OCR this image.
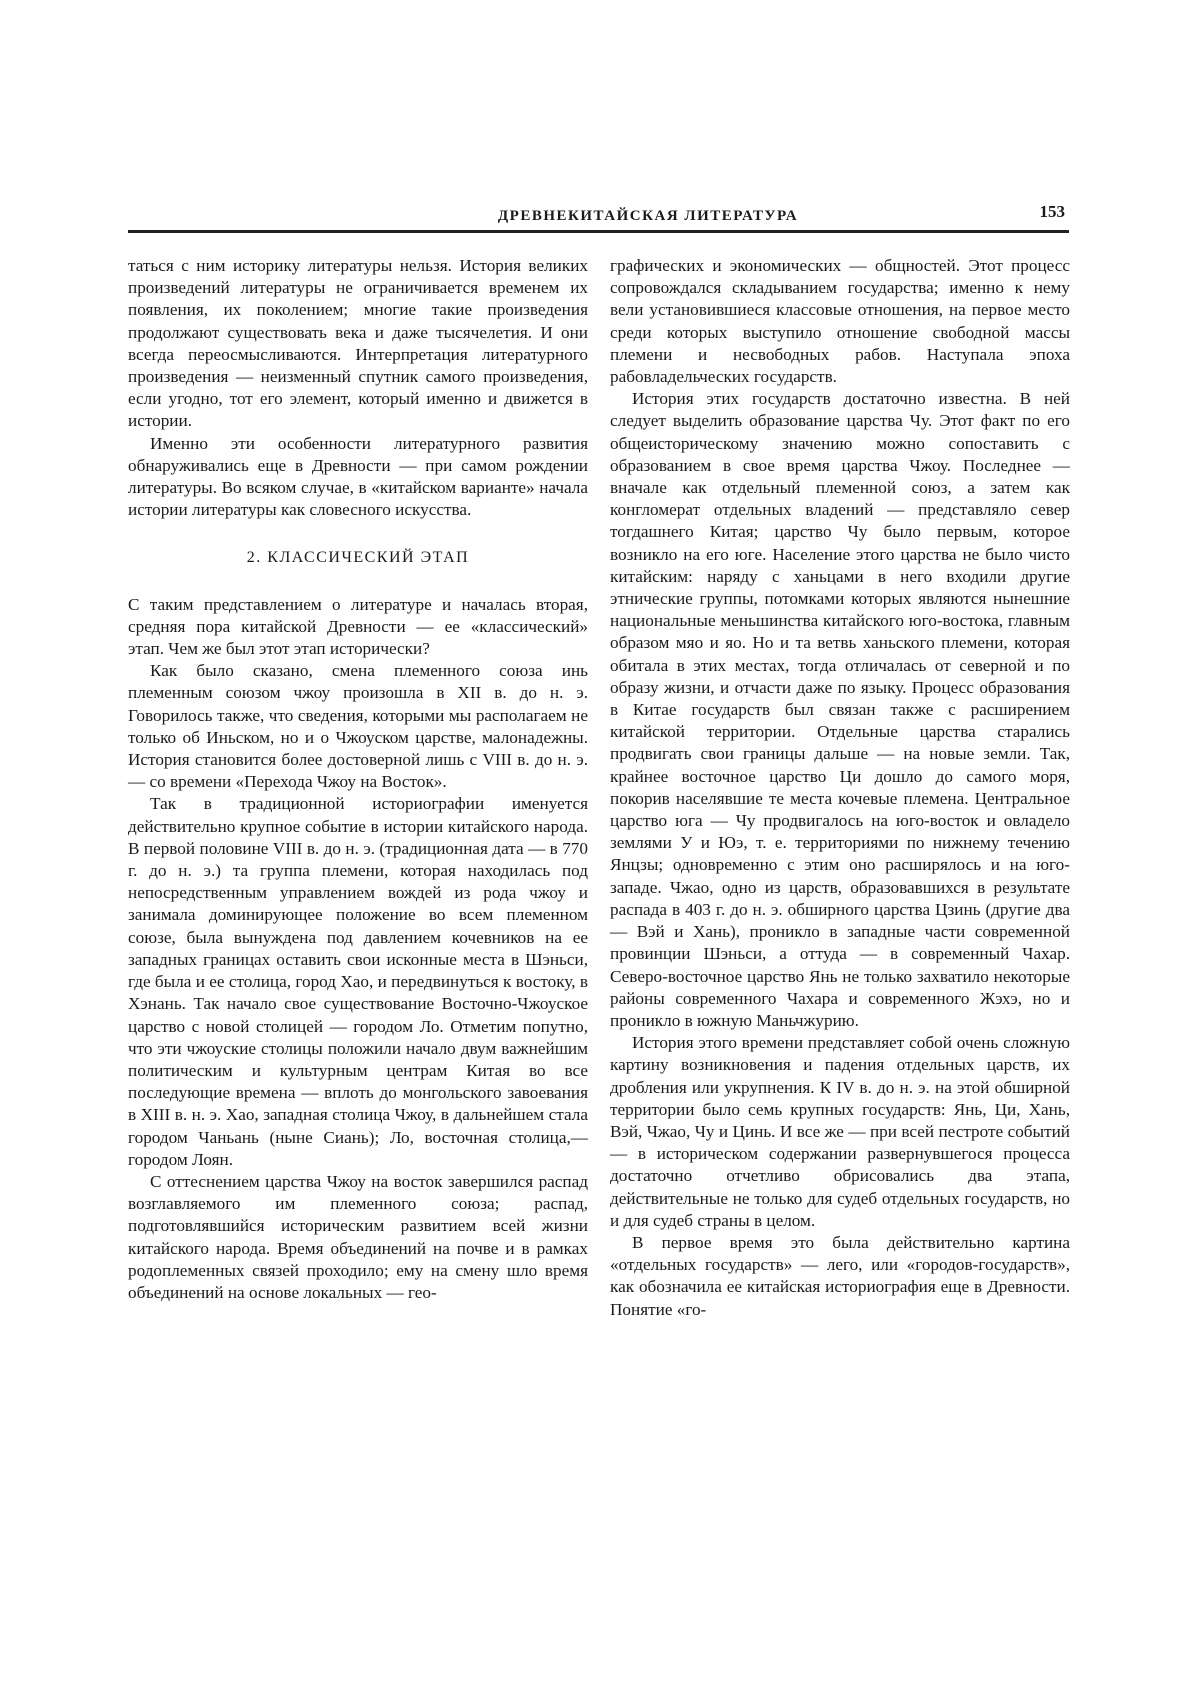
ДРЕВНЕКИТАЙСКАЯ ЛИТЕРАТУРА	153

таться с ним историку литературы нельзя. История великих произведений литературы не ограничивается временем их появления, их поколением; многие такие произведения продолжают существовать века и даже тысячелетия. И они всегда переосмысливаются. Интерпретация литературного произведения — неизменный спутник самого произведения, если угодно, тот его элемент, который именно и движется в истории.

Именно эти особенности литературного развития обнаруживались еще в Древности — при самом рождении литературы. Во всяком случае, в «китайском варианте» начала истории литературы как словесного искусства.

2. КЛАССИЧЕСКИЙ ЭТАП

С таким представлением о литературе и началась вторая, средняя пора китайской Древности — ее «классический» этап. Чем же был этот этап исторически?

Как было сказано, смена племенного союза инь племенным союзом чжоу произошла в XII в. до н. э. Говорилось также, что сведения, которыми мы располагаем не только об Иньском, но и о Чжоуском царстве, малонадежны. История становится более достоверной лишь с VIII в. до н. э.— со времени «Перехода Чжоу на Восток».

Так в традиционной историографии именуется действительно крупное событие в истории китайского народа. В первой половине VIII в. до н. э. (традиционная дата — в 770 г. до н. э.) та группа племени, которая находилась под непосредственным управлением вождей из рода чжоу и занимала доминирующее положение во всем племенном союзе, была вынуждена под давлением кочевников на ее западных границах оставить свои исконные места в Шэньси, где была и ее столица, город Хао, и передвинуться к востоку, в Хэнань. Так начало свое существование Восточно-Чжоуское царство с новой столицей — городом Ло. Отметим попутно, что эти чжоуские столицы положили начало двум важнейшим политическим и культурным центрам Китая во все последующие времена — вплоть до монгольского завоевания в XIII в. н. э. Хао, западная столица Чжоу, в дальнейшем стала городом Чаньань (ныне Сиань); Ло, восточная столица,— городом Лоян.

С оттеснением царства Чжоу на восток завершился распад возглавляемого им племенного союза; распад, подготовлявшийся историческим развитием всей жизни китайского народа. Время объединений на почве и в рамках родоплеменных связей проходило; ему на смену шло время объединений на основе локальных — гео-

графических и экономических — общностей. Этот процесс сопровождался складыванием государства; именно к нему вели установившиеся классовые отношения, на первое место среди которых выступило отношение свободной массы племени и несвободных рабов. Наступала эпоха рабовладельческих государств.

История этих государств достаточно известна. В ней следует выделить образование царства Чу. Этот факт по его общеисторическому значению можно сопоставить с образованием в свое время царства Чжоу. Последнее — вначале как отдельный племенной союз, а затем как конгломерат отдельных владений — представляло север тогдашнего Китая; царство Чу было первым, которое возникло на его юге. Население этого царства не было чисто китайским: наряду с ханьцами в него входили другие этнические группы, потомками которых являются нынешние национальные меньшинства китайского юго-востока, главным образом мяо и яо. Но и та ветвь ханьского племени, которая обитала в этих местах, тогда отличалась от северной и по образу жизни, и отчасти даже по языку. Процесс образования в Китае государств был связан также с расширением китайской территории. Отдельные царства старались продвигать свои границы дальше — на новые земли. Так, крайнее восточное царство Ци дошло до самого моря, покорив населявшие те места кочевые племена. Центральное царство юга — Чу продвигалось на юго-восток и овладело землями У и Юэ, т. е. территориями по нижнему течению Янцзы; одновременно с этим оно расширялось и на юго-западе. Чжао, одно из царств, образовавшихся в результате распада в 403 г. до н. э. обширного царства Цзинь (другие два — Вэй и Хань), проникло в западные части современной провинции Шэньси, а оттуда — в современный Чахар. Северо-восточное царство Янь не только захватило некоторые районы современного Чахара и современного Жэхэ, но и проникло в южную Маньчжурию.

История этого времени представляет собой очень сложную картину возникновения и падения отдельных царств, их дробления или укрупнения. К IV в. до н. э. на этой обширной территории было семь крупных государств: Янь, Ци, Хань, Вэй, Чжао, Чу и Цинь. И все же — при всей пестроте событий — в историческом содержании развернувшегося процесса достаточно отчетливо обрисовались два этапа, действительные не только для судеб отдельных государств, но и для судеб страны в целом.

В первое время это была действительно картина «отдельных государств» — лего, или «городов-государств», как обозначила ее китайская историография еще в Древности. Понятие «го-
